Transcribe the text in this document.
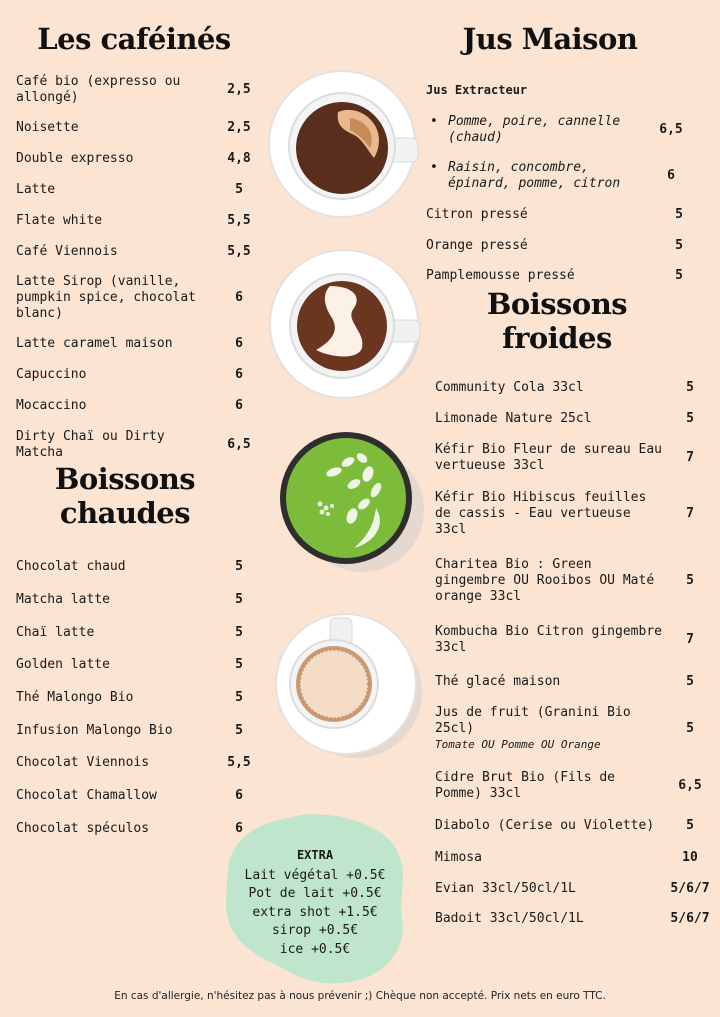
Les caféinés	Jus Maison
Boissons
chaudes
Boissons
froides
Jus Extracteur
Café bio (expresso ou allongé)
2,5
Noisette	2,5
Double expresso	4,8
Latte	5
Flate white	5,5
Café Viennois	5,5
Latte Sirop (vanille, pumpkin spice, chocolat blanc)
6
Latte caramel maison	6
Capuccino	6
Mocaccino	6
Dirty Chaï ou Dirty Matcha
6,5
Chocolat chaud	5
Matcha latte	5
Chaï latte	5
Golden latte	5
Thé Malongo Bio	5
Infusion Malongo Bio	5
Chocolat Viennois	5,5
Chocolat Chamallow	6
Chocolat spéculos	6
• Pomme, poire, cannelle (chaud)
6,5
• Raisin, concombre, épinard, pomme, citron
6
Citron pressé	5
Orange pressé	5
Pamplemousse pressé	5
Community Cola 33cl	5
Limonade Nature 25cl	5
Kéfir Bio Fleur de sureau Eau vertueuse 33cl
7
Kéfir Bio Hibiscus feuilles de cassis - Eau vertueuse 33cl
7
Charitea Bio : Green gingembre OU Rooibos OU Maté orange 33cl
5
Kombucha Bio Citron gingembre 33cl
7
Thé glacé maison	5
Jus de fruit (Granini Bio 25cl)
Tomate OU Pomme OU Orange
5
Cidre Brut Bio (Fils de Pomme) 33cl
6,5
Diabolo (Cerise ou Violette)	5
Mimosa	10
Evian 33cl/50cl/1L	5/6/7
Badoit 33cl/50cl/1L	5/6/7
EXTRA
Lait végétal +0.5€
Pot de lait +0.5€
extra shot +1.5€
sirop +0.5€
ice +0.5€
En cas d'allergie, n'hésitez pas à nous prévenir ;) Chèque non accepté. Prix nets en euro TTC.
